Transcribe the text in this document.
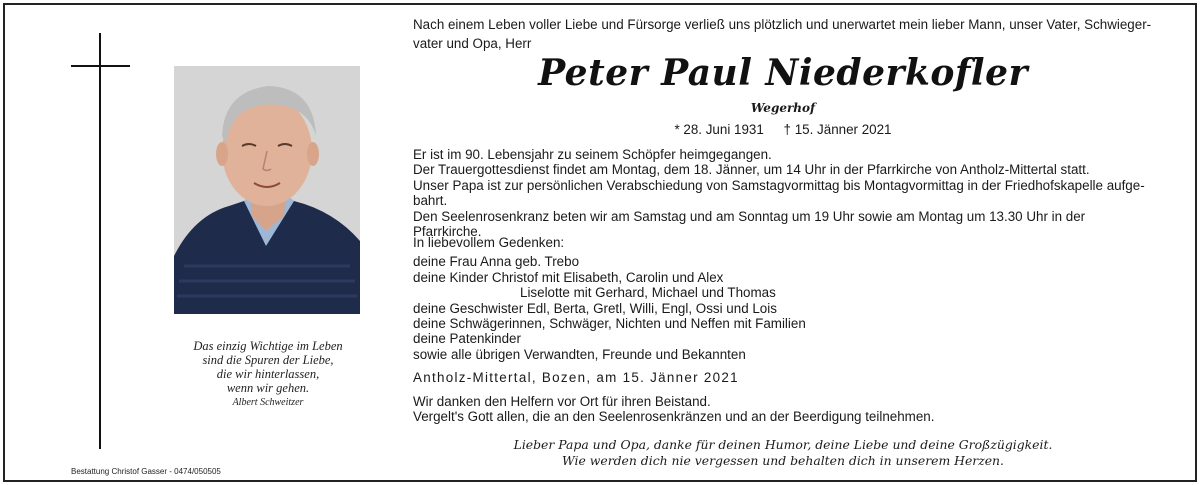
Das einzig Wichtige im Leben
sind die Spuren der Liebe,
die wir hinterlassen,
wenn wir gehen.
Albert Schweitzer
Bestattung Christof Gasser - 0474/050505
Nach einem Leben voller Liebe und Fürsorge verließ uns plötzlich und unerwartet mein lieber Mann, unser Vater, Schwieger-
vater und Opa, Herr
Peter Paul Niederkofler
Wegerhof
* 28. Juni 1931 † 15. Jänner 2021
Er ist im 90. Lebensjahr zu seinem Schöpfer heimgegangen.
Der Trauergottesdienst findet am Montag, dem 18. Jänner, um 14 Uhr in der Pfarrkirche von Antholz-Mittertal statt.
Unser Papa ist zur persönlichen Verabschiedung von Samstagvormittag bis Montagvormittag in der Friedhofskapelle aufge-
bahrt.
Den Seelenrosenkranz beten wir am Samstag und am Sonntag um 19 Uhr sowie am Montag um 13.30 Uhr in der Pfarrkirche.
In liebevollem Gedenken:
deine Frau Anna geb. Trebo
deine Kinder Christof mit Elisabeth, Carolin und Alex
Liselotte mit Gerhard, Michael und Thomas
deine Geschwister Edl, Berta, Gretl, Willi, Engl, Ossi und Lois
deine Schwägerinnen, Schwäger, Nichten und Neffen mit Familien
deine Patenkinder
sowie alle übrigen Verwandten, Freunde und Bekannten
Antholz-Mittertal, Bozen, am 15. Jänner 2021
Wir danken den Helfern vor Ort für ihren Beistand.
Vergelt's Gott allen, die an den Seelenrosenkränzen und an der Beerdigung teilnehmen.
Lieber Papa und Opa, danke für deinen Humor, deine Liebe und deine Großzügigkeit.
Wie werden dich nie vergessen und behalten dich in unserem Herzen.
